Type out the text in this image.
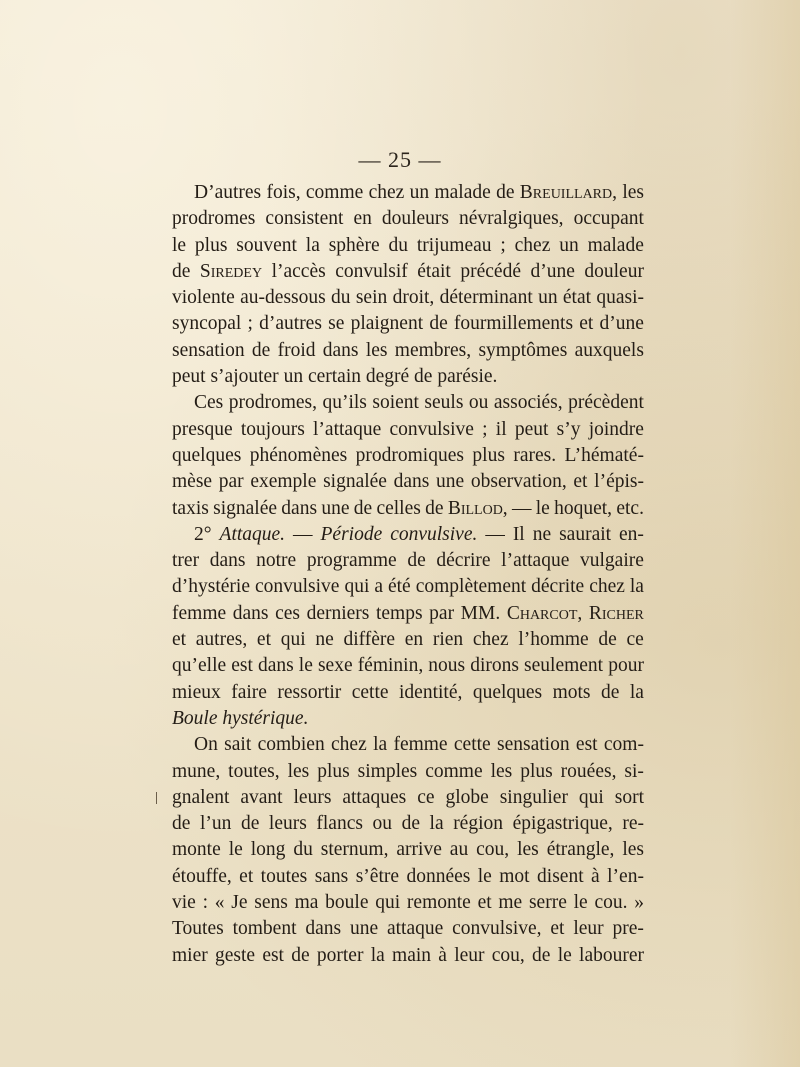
— 25 —
D’autres fois, comme chez un malade de Breuillard, les
prodromes consistent en douleurs névralgiques, occupant
le plus souvent la sphère du trijumeau ; chez un malade
de Siredey l’accès convulsif était précédé d’une douleur
violente au-dessous du sein droit, déterminant un état quasi-
syncopal ; d’autres se plaignent de fourmillements et d’une
sensation de froid dans les membres, symptômes auxquels
peut s’ajouter un certain degré de parésie.
Ces prodromes, qu’ils soient seuls ou associés, précèdent
presque toujours l’attaque convulsive ; il peut s’y joindre
quelques phénomènes prodromiques plus rares. L’hématé-
mèse par exemple signalée dans une observation, et l’épis-
taxis signalée dans une de celles de Billod, — le hoquet, etc.
2° Attaque. — Période convulsive. — Il ne saurait en-
trer dans notre programme de décrire l’attaque vulgaire
d’hystérie convulsive qui a été complètement décrite chez la
femme dans ces derniers temps par MM. Charcot, Richer
et autres, et qui ne diffère en rien chez l’homme de ce
qu’elle est dans le sexe féminin, nous dirons seulement pour
mieux faire ressortir cette identité, quelques mots de la
Boule hystérique.
On sait combien chez la femme cette sensation est com-
mune, toutes, les plus simples comme les plus rouées, si-
gnalent avant leurs attaques ce globe singulier qui sort
de l’un de leurs flancs ou de la région épigastrique, re-
monte le long du sternum, arrive au cou, les étrangle, les
étouffe, et toutes sans s’être données le mot disent à l’en-
vie : « Je sens ma boule qui remonte et me serre le cou. »
Toutes tombent dans une attaque convulsive, et leur pre-
mier geste est de porter la main à leur cou, de le labourer
